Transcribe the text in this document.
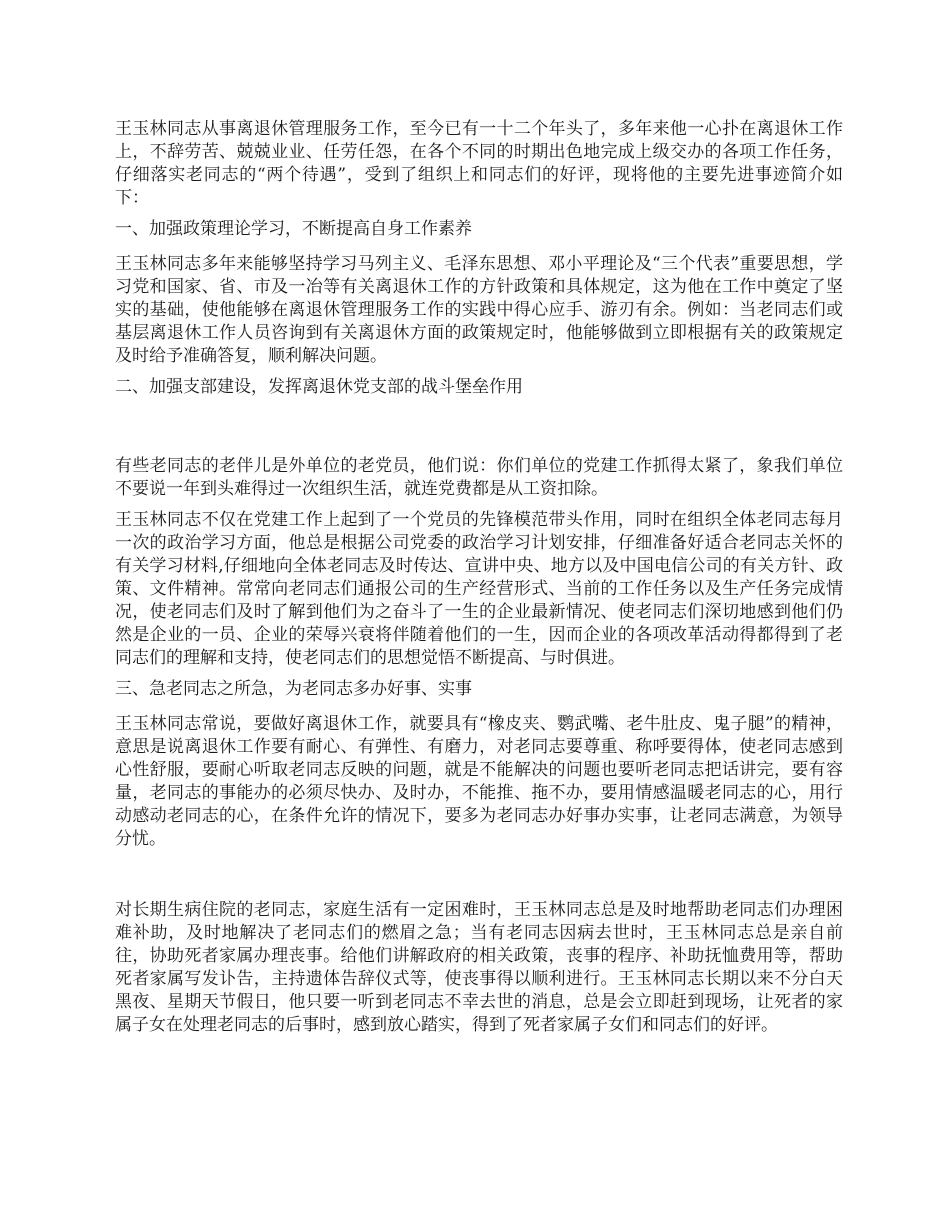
王玉林同志从事离退休管理服务工作，至今已有一十二个年头了，多年来他一心扑在离退休工作上，不辞劳苦、兢兢业业、任劳任怨，在各个不同的时期出色地完成上级交办的各项工作任务，仔细落实老同志的“两个待遇”，受到了组织上和同志们的好评，现将他的主要先进事迹简介如下：

一、加强政策理论学习，不断提高自身工作素养

王玉林同志多年来能够坚持学习马列主义、毛泽东思想、邓小平理论及“三个代表”重要思想，学习党和国家、省、市及一冶等有关离退休工作的方针政策和具体规定，这为他在工作中奠定了坚实的基础，使他能够在离退休管理服务工作的实践中得心应手、游刃有余。例如：当老同志们或基层离退休工作人员咨询到有关离退休方面的政策规定时，他能够做到立即根据有关的政策规定及时给予准确答复，顺利解决问题。

二、加强支部建设，发挥离退休党支部的战斗堡垒作用

有些老同志的老伴儿是外单位的老党员，他们说：你们单位的党建工作抓得太紧了，象我们单位不要说一年到头难得过一次组织生活，就连党费都是从工资扣除。

王玉林同志不仅在党建工作上起到了一个党员的先锋模范带头作用，同时在组织全体老同志每月一次的政治学习方面，他总是根据公司党委的政治学习计划安排，仔细准备好适合老同志关怀的有关学习材料,仔细地向全体老同志及时传达、宣讲中央、地方以及中国电信公司的有关方针、政策、文件精神。常常向老同志们通报公司的生产经营形式、当前的工作任务以及生产任务完成情况，使老同志们及时了解到他们为之奋斗了一生的企业最新情况、使老同志们深切地感到他们仍然是企业的一员、企业的荣辱兴衰将伴随着他们的一生，因而企业的各项改革活动得都得到了老同志们的理解和支持，使老同志们的思想觉悟不断提高、与时俱进。

三、急老同志之所急，为老同志多办好事、实事

王玉林同志常说，要做好离退休工作，就要具有“橡皮夹、鹦武嘴、老牛肚皮、鬼子腿”的精神，意思是说离退休工作要有耐心、有弹性、有磨力，对老同志要尊重、称呼要得体，使老同志感到心性舒服，要耐心听取老同志反映的问题，就是不能解决的问题也要听老同志把话讲完，要有容量，老同志的事能办的必须尽快办、及时办，不能推、拖不办，要用情感温暖老同志的心，用行动感动老同志的心，在条件允许的情况下，要多为老同志办好事办实事，让老同志满意，为领导分忧。

对长期生病住院的老同志，家庭生活有一定困难时，王玉林同志总是及时地帮助老同志们办理困难补助，及时地解决了老同志们的燃眉之急；当有老同志因病去世时，王玉林同志总是亲自前往，协助死者家属办理丧事。给他们讲解政府的相关政策，丧事的程序、补助抚恤费用等，帮助死者家属写发讣告，主持遗体告辞仪式等，使丧事得以顺利进行。王玉林同志长期以来不分白天黑夜、星期天节假日，他只要一听到老同志不幸去世的消息，总是会立即赶到现场，让死者的家属子女在处理老同志的后事时，感到放心踏实，得到了死者家属子女们和同志们的好评。
